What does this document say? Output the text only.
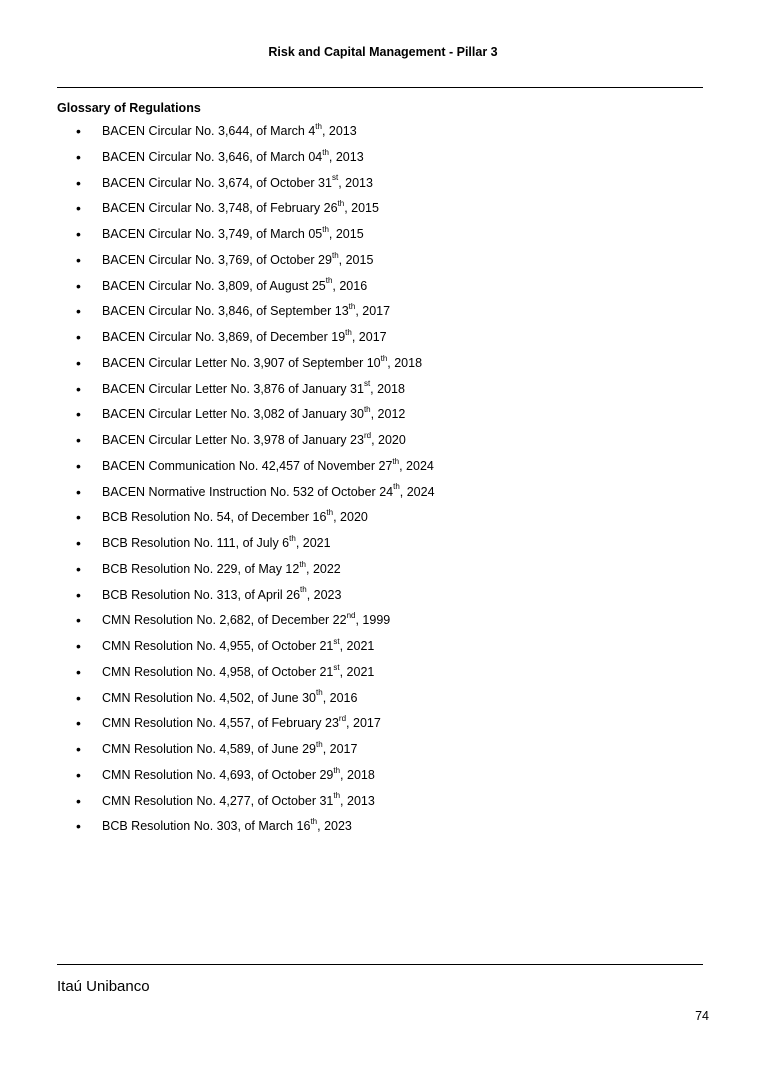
Risk and Capital Management - Pillar 3
Glossary of Regulations
• BACEN Circular No. 3,644, of March 4th, 2013
• BACEN Circular No. 3,646, of March 04th, 2013
• BACEN Circular No. 3,674, of October 31st, 2013
• BACEN Circular No. 3,748, of February 26th, 2015
• BACEN Circular No. 3,749, of March 05th, 2015
• BACEN Circular No. 3,769, of October 29th, 2015
• BACEN Circular No. 3,809, of August 25th, 2016
• BACEN Circular No. 3,846, of September 13th, 2017
• BACEN Circular No. 3,869, of December 19th, 2017
• BACEN Circular Letter No. 3,907 of September 10th, 2018
• BACEN Circular Letter No. 3,876 of January 31st, 2018
• BACEN Circular Letter No. 3,082 of January 30th, 2012
• BACEN Circular Letter No. 3,978 of January 23rd, 2020
• BACEN Communication No. 42,457 of November 27th, 2024
• BACEN Normative Instruction No. 532 of October 24th, 2024
• BCB Resolution No. 54, of December 16th, 2020
• BCB Resolution No. 111, of July 6th, 2021
• BCB Resolution No. 229, of May 12th, 2022
• BCB Resolution No. 313, of April 26th, 2023
• CMN Resolution No. 2,682, of December 22nd, 1999
• CMN Resolution No. 4,955, of October 21st, 2021
• CMN Resolution No. 4,958, of October 21st, 2021
• CMN Resolution No. 4,502, of June 30th, 2016
• CMN Resolution No. 4,557, of February 23rd, 2017
• CMN Resolution No. 4,589, of June 29th, 2017
• CMN Resolution No. 4,693, of October 29th, 2018
• CMN Resolution No. 4,277, of October 31th, 2013
• BCB Resolution No. 303, of March 16th, 2023
Itaú Unibanco
74
